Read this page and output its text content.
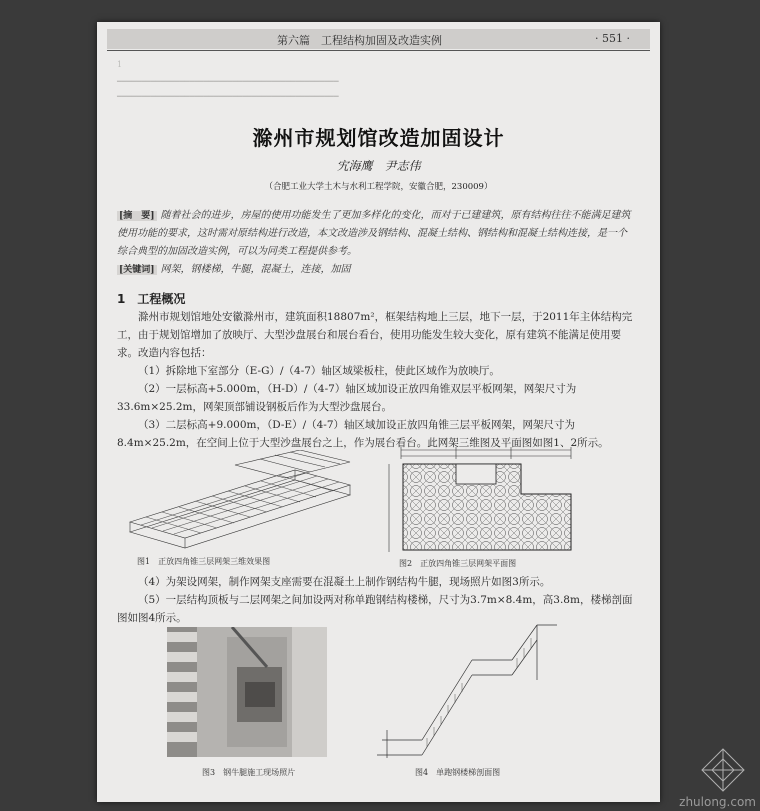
1　　　　　　　　　　　　　　　　　　　　　　　　　　　　　　　　　　　　　　　　
━━━━━━━━━━━━━━━━━━━━━━━━━━━━━━━━━━━━━━━━━━━━━━
━━━━━━━━━━━━━━━━━━━━━━━━━━━━━━━━━━━━━━━━━━━━━━
第六篇　工程结构加固及改造实例	· 551 ·
滁州市规划馆改造加固设计
宄海鹰　尹志伟
（合肥工业大学土木与水利工程学院，安徽合肥，230009）
[摘　要] 随着社会的进步，房屋的使用功能发生了更加多样化的变化，而对于已建建筑，原有结构往往不能满足建筑使用功能的要求，这时需对原结构进行改造，本文改造涉及钢结构、混凝土结构、钢结构和混凝土结构连接，是一个综合典型的加固改造实例，可以为同类工程提供参考。
[关键词] 网架，钢楼梯，牛腿，混凝土，连接，加固
1　工程概况
滁州市规划馆地处安徽滁州市，建筑面积18807m²，框架结构地上三层，地下一层，于2011年主体结构完工，由于规划馆增加了放映厅、大型沙盘展台和展台看台，使用功能发生较大变化，原有建筑不能满足使用要求。改造内容包括：
（1）拆除地下室部分（E-G）/（4-7）轴区域梁板柱，使此区域作为放映厅。
（2）一层标高+5.000m，（H-D）/（4-7）轴区域加设正放四角锥双层平板网架，网架尺寸为33.6m×25.2m，网架顶部铺设钢板后作为大型沙盘展台。
（3）二层标高+9.000m，（D-E）/（4-7）轴区域加设正放四角锥三层平板网架，网架尺寸为8.4m×25.2m，在空间上位于大型沙盘展台之上，作为展台看台。此网架三维图及平面图如图1、2所示。
图1　正放四角锥三层网架三维效果图	图2　正放四角锥三层网架平面图
（4）为架设网架，制作网架支座需要在混凝土上制作钢结构牛腿，现场照片如图3所示。
（5）一层结构顶板与二层网架之间加设两对称单跑钢结构楼梯，尺寸为3.7m×8.4m，高3.8m，楼梯剖面图如图4所示。
图3　钢牛腿施工现场照片	图4　单跑钢楼梯剖面图
zhulong.com
